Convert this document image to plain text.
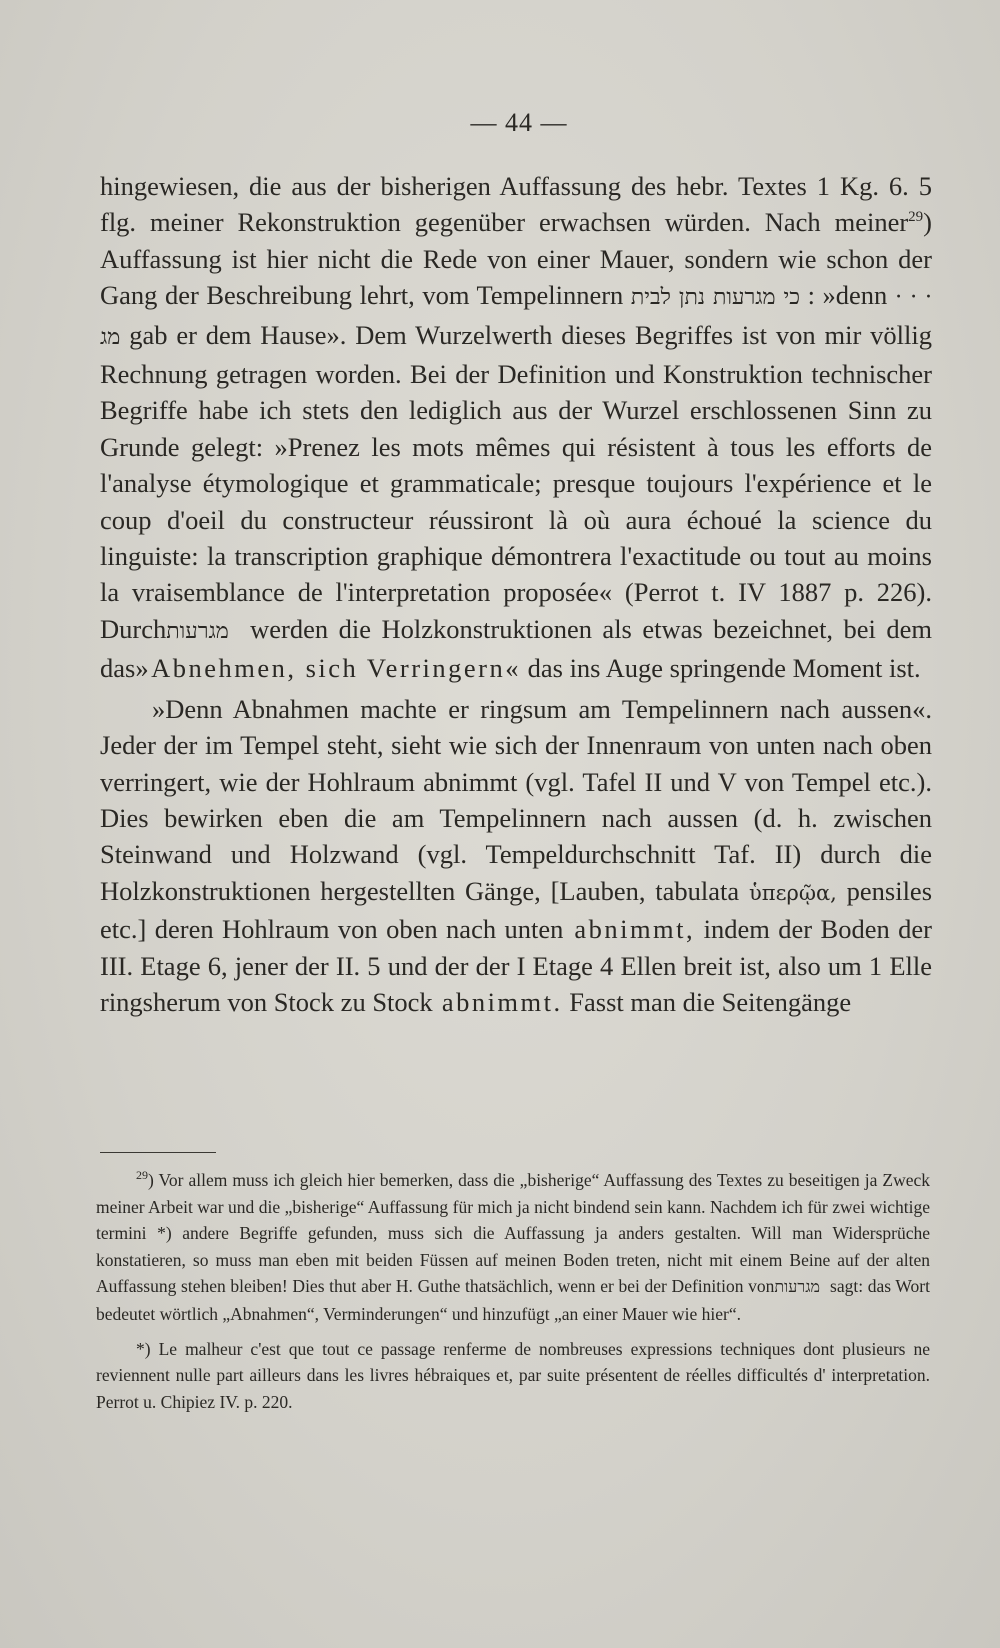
— 44 —

hingewiesen, die aus der bisherigen Auffassung des hebr. Textes 1 Kg. 6. 5 flg. meiner Rekonstruktion gegenüber erwachsen würden. Nach meiner$^{29}$) Auffassung ist hier nicht die Rede von einer Mauer, sondern wie schon der Gang der Beschreibung lehrt, vom Tempelinnern כי מגרעות נתן לבית : »denn · · · מג gab er dem Hause». Dem Wurzelwerth dieses Begriffes ist von mir völlig Rechnung getragen worden. Bei der Definition und Konstruktion technischer Begriffe habe ich stets den lediglich aus der Wurzel erschlossenen Sinn zu Grunde gelegt: »Prenez les mots mêmes qui résistent à tous les efforts de l'analyse étymologique et grammaticale; presque toujours l'expérience et le coup d'oeil du constructeur réussiront là où aura échoué la science du linguiste: la transcription graphique démontrera l'exactitude ou tout au moins la vraisemblance de l'interpretation proposée« (Perrot t. IV 1887 p. 226). Durch מגרעות werden die Holzkonstruktionen als etwas bezeichnet, bei dem das»Abnehmen, sich Verringern« das ins Auge springende Moment ist.

»Denn Abnahmen machte er ringsum am Tempelinnern nach aussen«. Jeder der im Tempel steht, sieht wie sich der Innenraum von unten nach oben verringert, wie der Hohlraum abnimmt (vgl. Tafel II und V von Tempel etc.). Dies bewirken eben die am Tempelinnern nach aussen (d. h. zwischen Steinwand und Holzwand (vgl. Tempeldurchschnitt Taf. II) durch die Holzkonstruktionen hergestellten Gänge, [Lauben, tabulata ὑπερῷα, pensiles etc.] deren Hohlraum von oben nach unten abnimmt, indem der Boden der III. Etage 6, jener der II. 5 und der der I Etage 4 Ellen breit ist, also um 1 Elle ringsherum von Stock zu Stock abnimmt. Fasst man die Seitengänge

$^{29}$) Vor allem muss ich gleich hier bemerken, dass die „bisherige“ Auffassung des Textes zu beseitigen ja Zweck meiner Arbeit war und die „bisherige“ Auffassung für mich ja nicht bindend sein kann. Nachdem ich für zwei wichtige termini *) andere Begriffe gefunden, muss sich die Auffassung ja anders gestalten. Will man Widersprüche konstatieren, so muss man eben mit beiden Füssen auf meinen Boden treten, nicht mit einem Beine auf der alten Auffassung stehen bleiben! Dies thut aber H. Guthe thatsächlich, wenn er bei der Definition von מגרעות sagt: das Wort bedeutet wörtlich „Abnahmen“, Verminderungen“ und hinzufügt „an einer Mauer wie hier“.

*) Le malheur c'est que tout ce passage renferme de nombreuses expressions techniques dont plusieurs ne reviennent nulle part ailleurs dans les livres hébraiques et, par suite présentent de réelles difficultés d' interpretation. Perrot u. Chipiez IV. p. 220.
